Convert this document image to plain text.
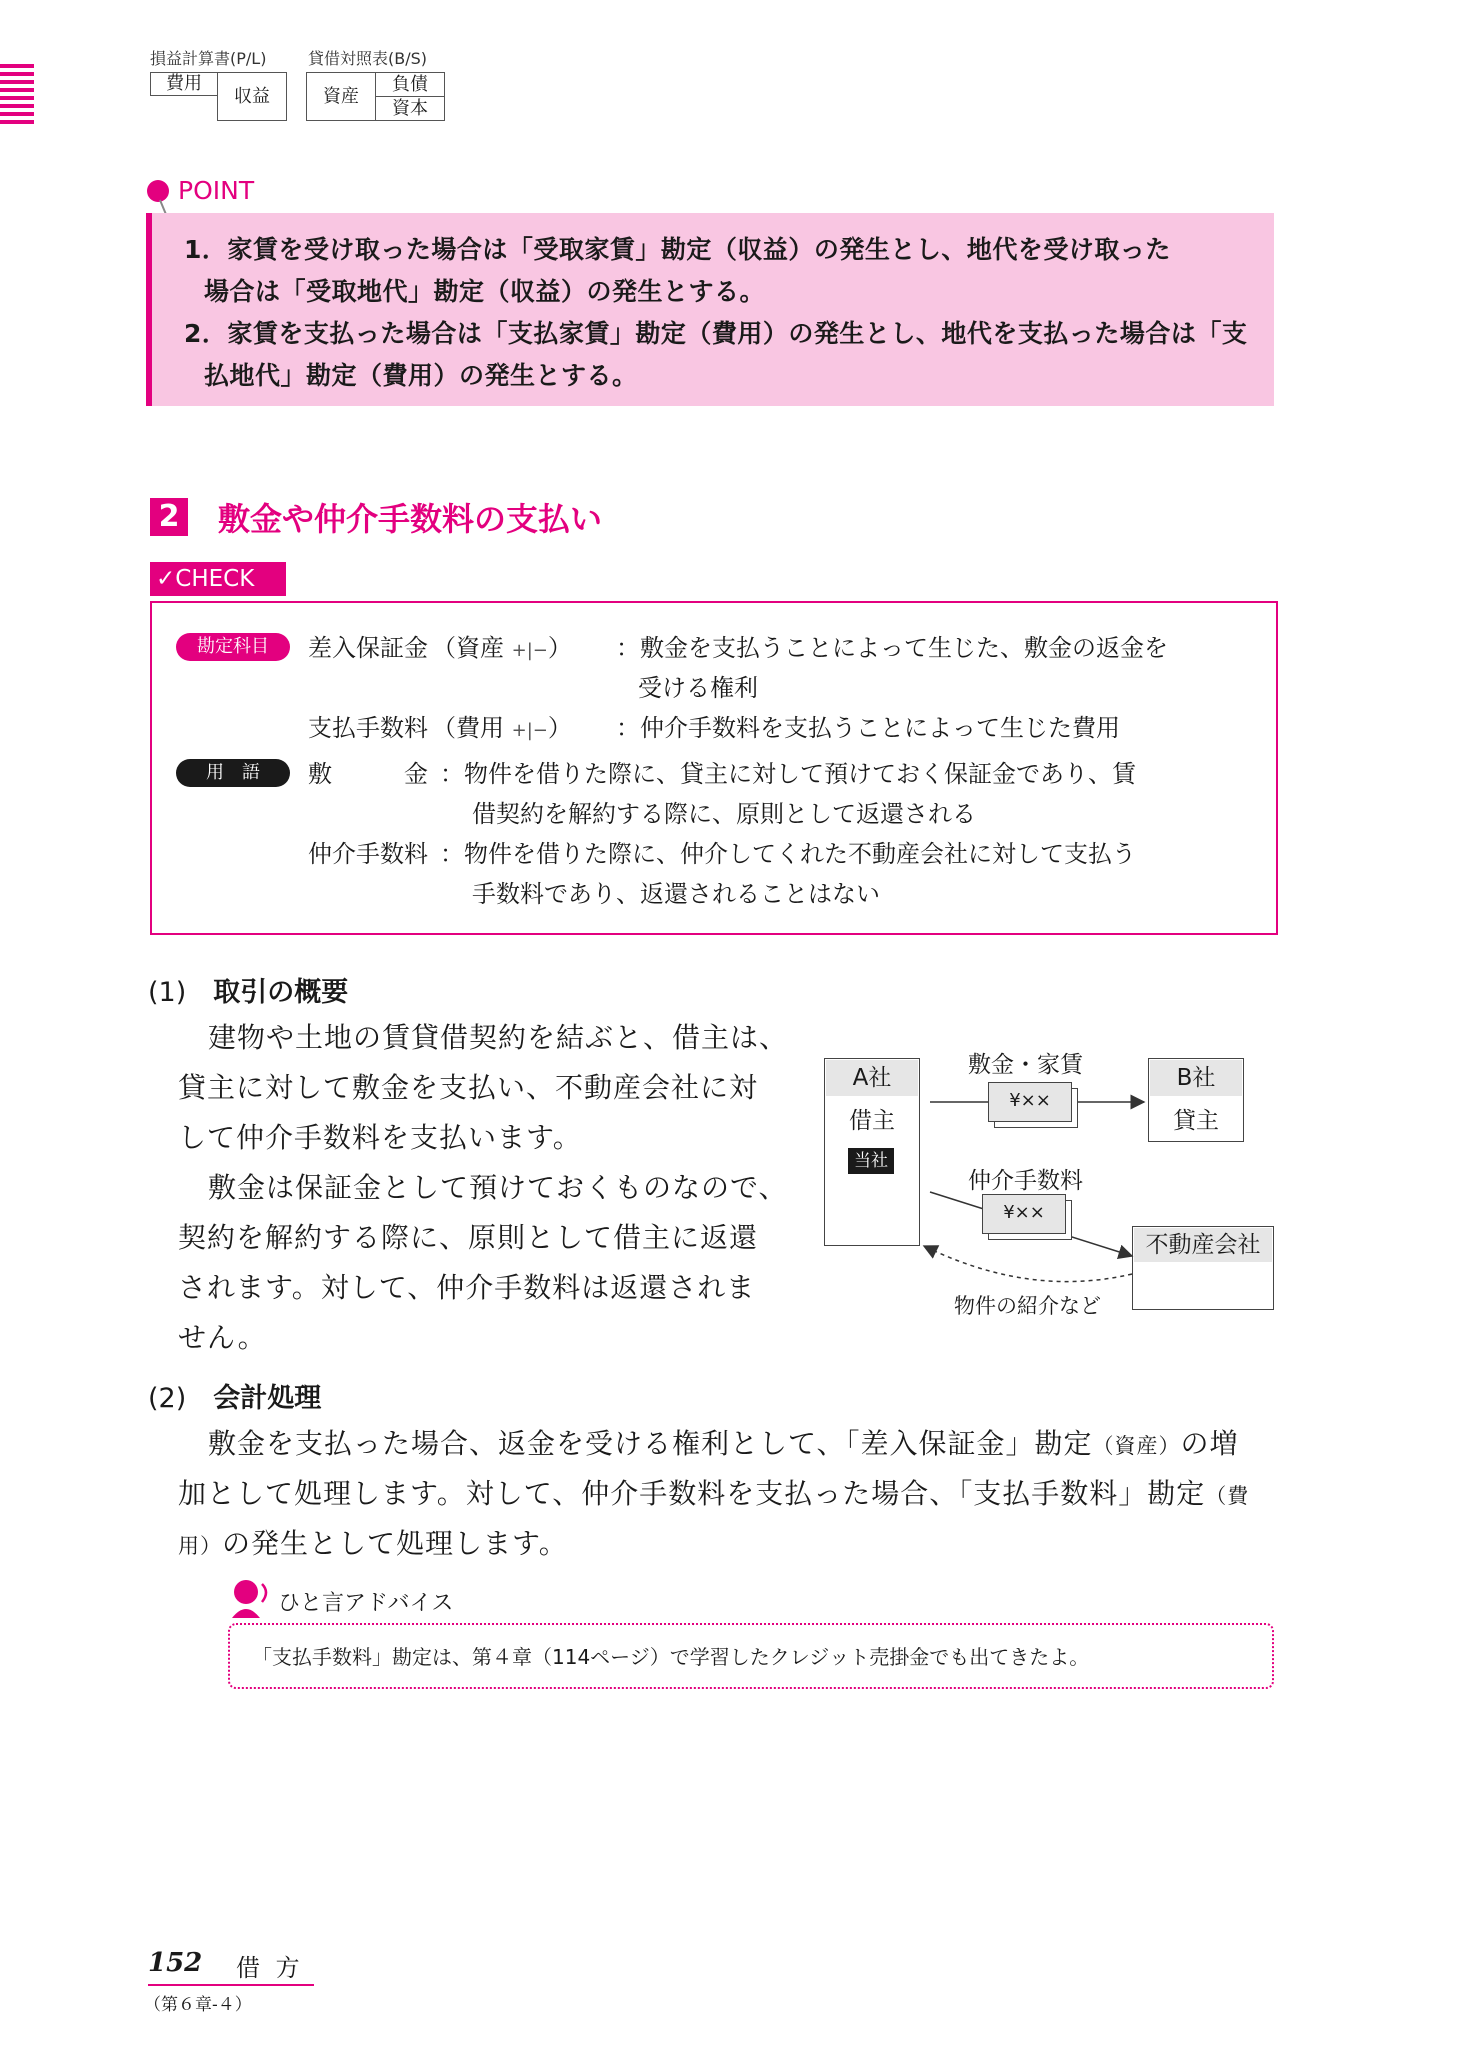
損益計算書(P/L)	貸借対照表(B/S)
費用
収益	資産
負債
資本
POINT
1．家賃を受け取った場合は「受取家賃」勘定（収益）の発生とし、地代を受け取った
場合は「受取地代」勘定（収益）の発生とする。
2．家賃を支払った場合は「支払家賃」勘定（費用）の発生とし、地代を支払った場合は「支
払地代」勘定（費用）の発生とする。
2 敷金や仲介手数料の支払い
✓CHECK
勘定科目	差入保証金 （資産 +|−） ：敷金を支払うことによって生じた、敷金の返金を
受ける権利
支払手数料 （費用 +|−） ：仲介手数料を支払うことによって生じた費用
用　語	敷　　　金 ：物件を借りた際に、貸主に対して預けておく保証金であり、賃
借契約を解約する際に、原則として返還される
仲介手数料 ：物件を借りた際に、仲介してくれた不動産会社に対して支払う
手数料であり、返還されることはない
(1)　 取引の概要
建物や土地の賃貸借契約を結ぶと、借主は、
貸主に対して敷金を支払い、不動産会社に対
して仲介手数料を支払います。
敷金は保証金として預けておくものなので、
契約を解約する際に、原則として借主に返還
されます。対して、仲介手数料は返還されま
せん。
A社
借主
当社
B社
貸主
不動産会社
敷金・家賃
仲介手数料
物件の紹介など
¥××
¥××
(2)　 会計処理
敷金を支払った場合、返金を受ける権利として、「差入保証金」勘定（資産）の増
加として処理します。対して、仲介手数料を支払った場合、「支払手数料」勘定（費
用）の発生として処理します。
ひと言アドバイス
「支払手数料」勘定は、第４章（114ページ）で学習したクレジット売掛金でも出てきたよ。
152 借 方
（第６章-４）
